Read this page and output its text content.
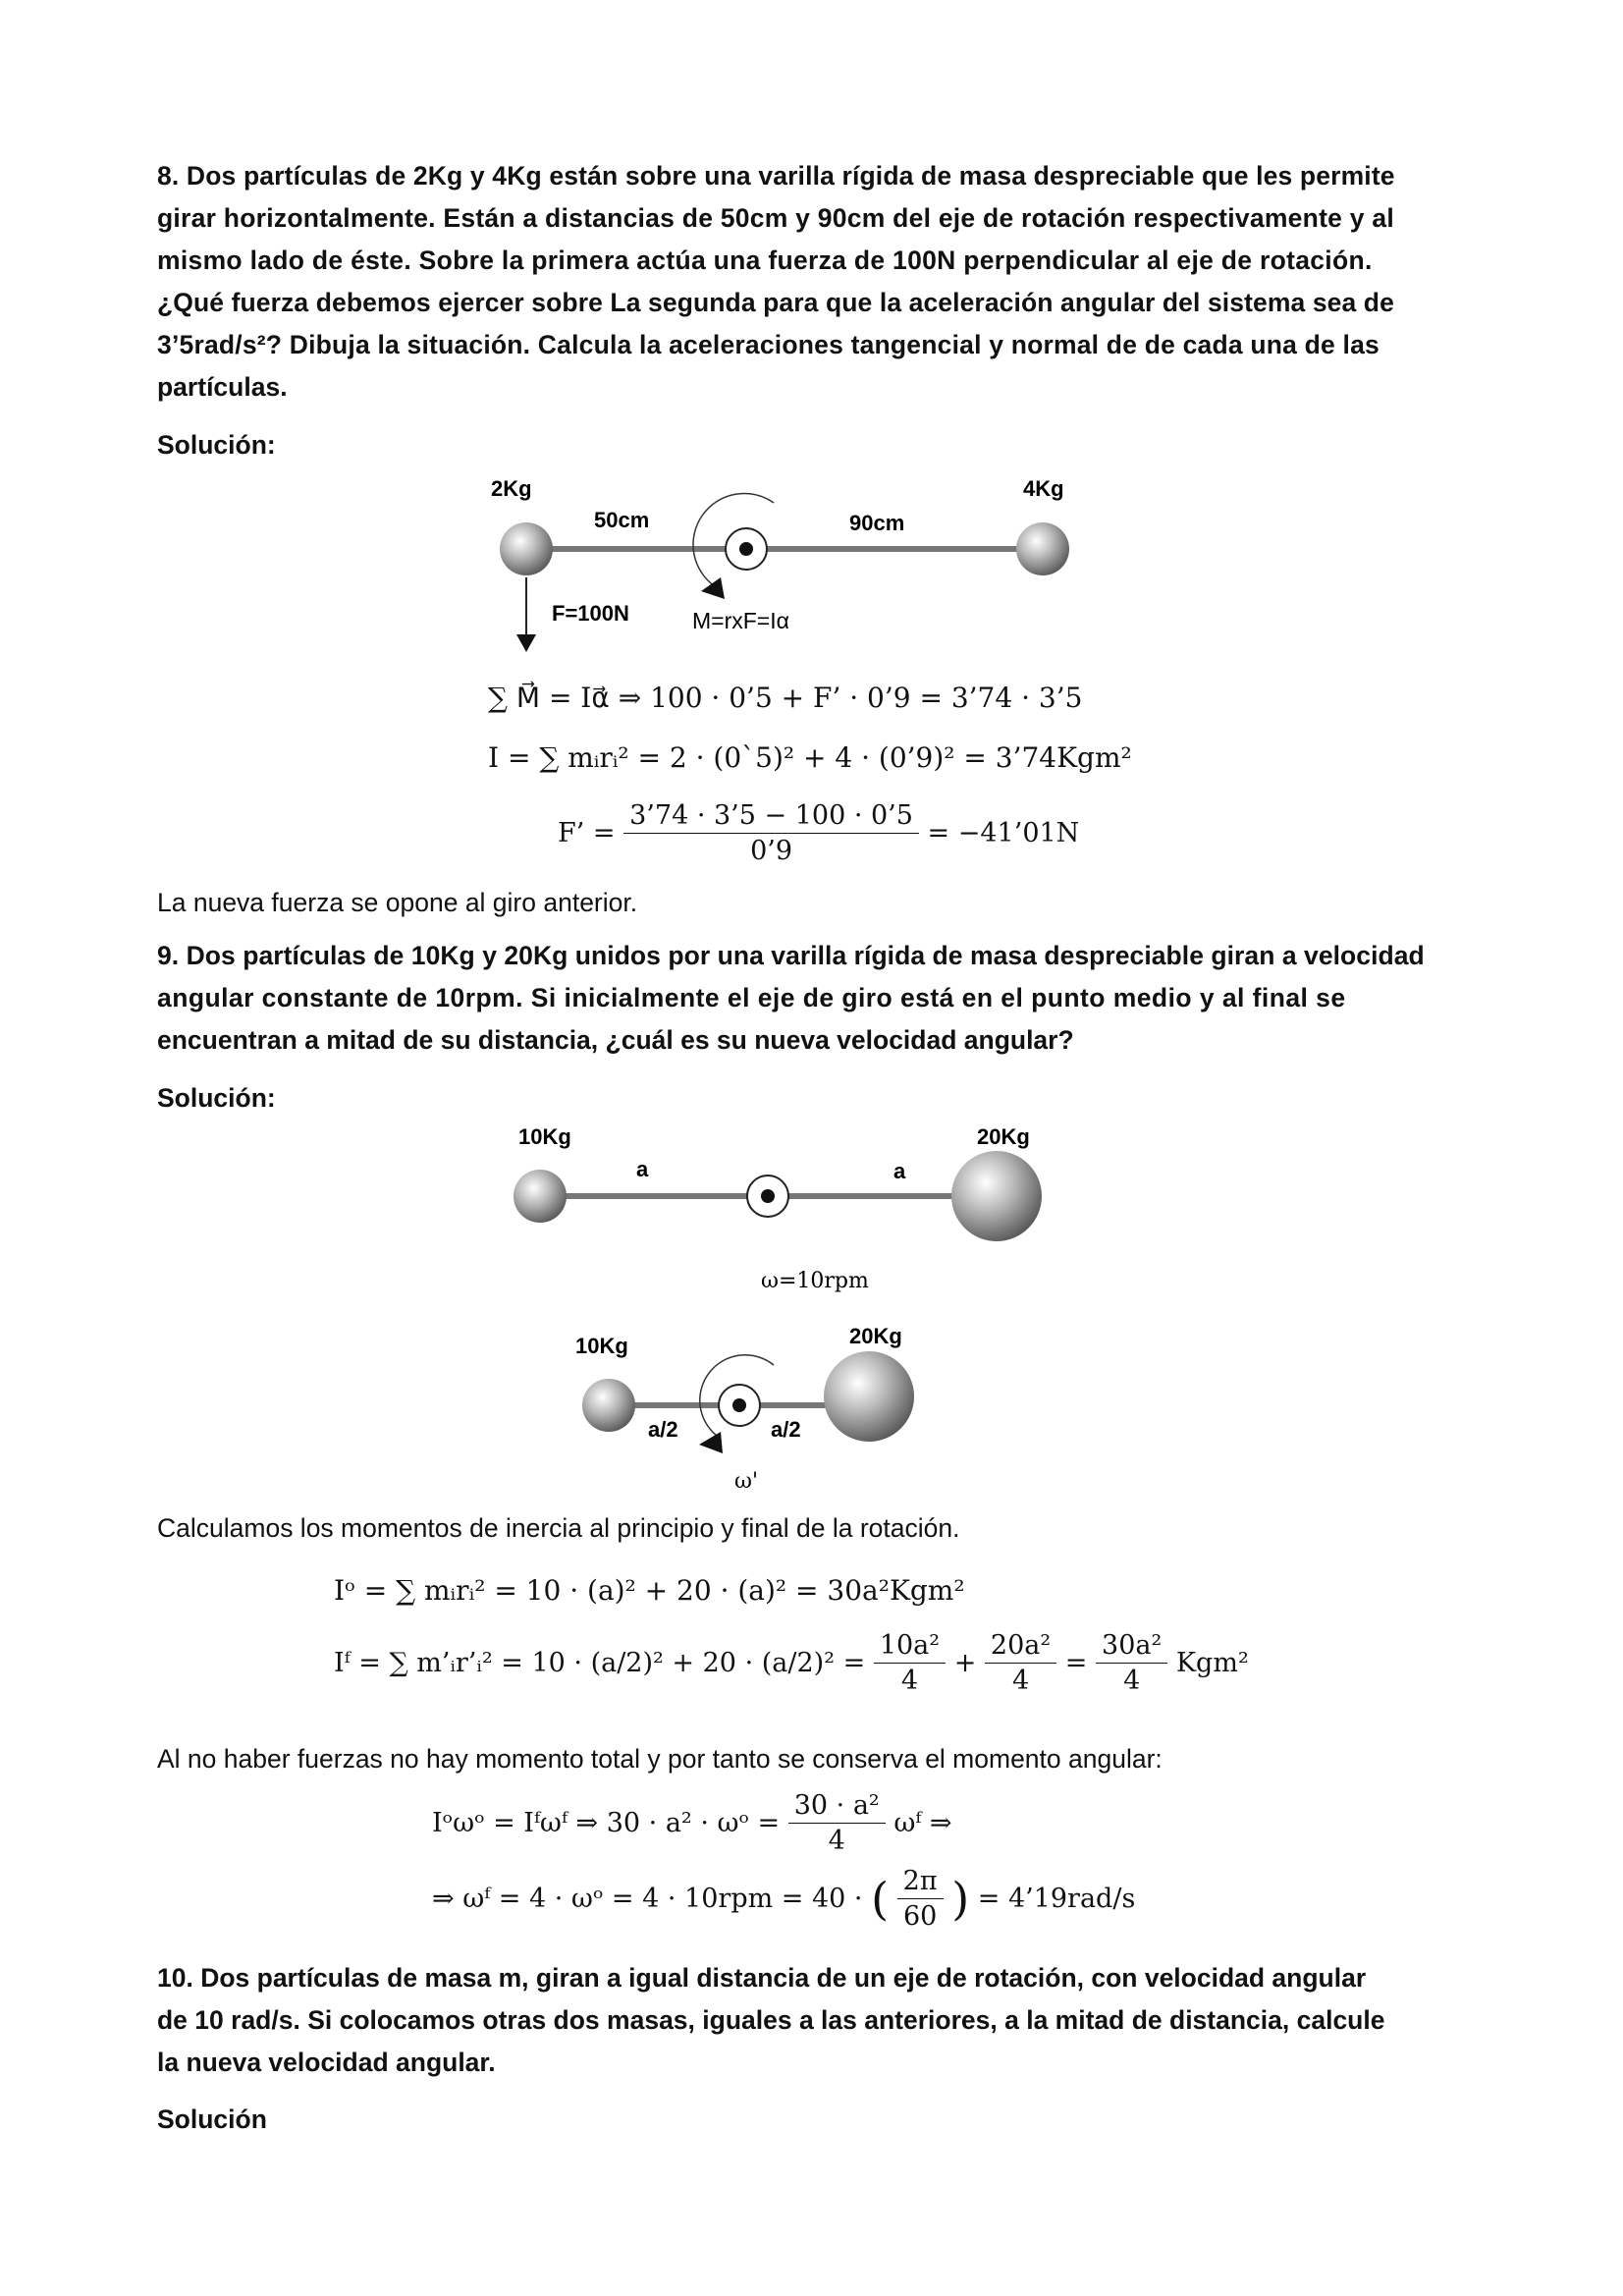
8. Dos partículas de 2Kg y 4Kg están sobre una varilla rígida de masa despreciable que les permite
girar horizontalmente. Están a distancias de 50cm y 90cm del eje de rotación respectivamente y al
mismo lado de éste. Sobre la primera actúa una fuerza de 100N perpendicular al eje de rotación.
¿Qué fuerza debemos ejercer sobre La segunda para que la aceleración angular del sistema sea de
3’5rad/s²? Dibuja la situación. Calcula la aceleraciones tangencial y normal de de cada una de las
partículas.
Solución:
2Kg	4Kg
50cm	90cm
F=100N	M=rxF=Iα
∑ M⃗ = Iα⃗ ⇒ 100 · 0’5 + F’ · 0’9 = 3’74 · 3’5
I = ∑ mᵢrᵢ² = 2 · (0`5)² + 4 · (0’9)² = 3’74Kgm²
F’ = $\frac{3’74 \cdot 3’5 - 100 \cdot 0’5}{0’9}$ = −41’01N
La nueva fuerza se opone al giro anterior.
9. Dos partículas de 10Kg y 20Kg unidos por una varilla rígida de masa despreciable giran a velocidad
angular constante de 10rpm. Si inicialmente el eje de giro está en el punto medio y al final se
encuentran a mitad de su distancia, ¿cuál es su nueva velocidad angular?
Solución:
10Kg	20Kg
a	a
ω=10rpm
10Kg	20Kg
a/2	a/2
ω'
Calculamos los momentos de inercia al principio y final de la rotación.
Iᵒ = ∑ mᵢrᵢ² = 10 · (a)² + 20 · (a)² = 30a²Kgm²
Iᶠ = ∑ m’ᵢr’ᵢ² = $10 \cdot (a/2)^2 + 20 \cdot (a/2)^2 = \frac{\text{10a²}}{4} + \frac{\text{20a²}}{4} = \frac{\text{30a²}}{4} Kgm^2$
Al no haber fuerzas no hay momento total y por tanto se conserva el momento angular:
Iᵒωᵒ = Iᶠωᶠ ⇒ 30 · a² · ωᵒ = $\frac{\text{30 · a²}}{4}$ ωᶠ ⇒
⇒ ωᶠ = 4 · ωᵒ = 4 · 10rpm = 40 · ( $\frac{2\pi}{60}$ ) = 4’19rad/s
10. Dos partículas de masa m, giran a igual distancia de un eje de rotación, con velocidad angular
de 10 rad/s. Si colocamos otras dos masas, iguales a las anteriores, a la mitad de distancia, calcule
la nueva velocidad angular.
Solución
